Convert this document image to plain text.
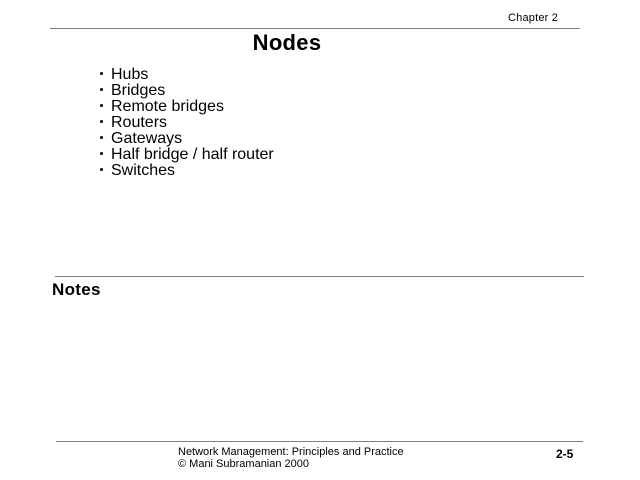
Chapter 2
Nodes
Hubs
Bridges
Remote bridges
Routers
Gateways
Half bridge / half router
Switches
Notes
Network Management: Principles and Practice
© Mani Subramanian 2000
2-5
